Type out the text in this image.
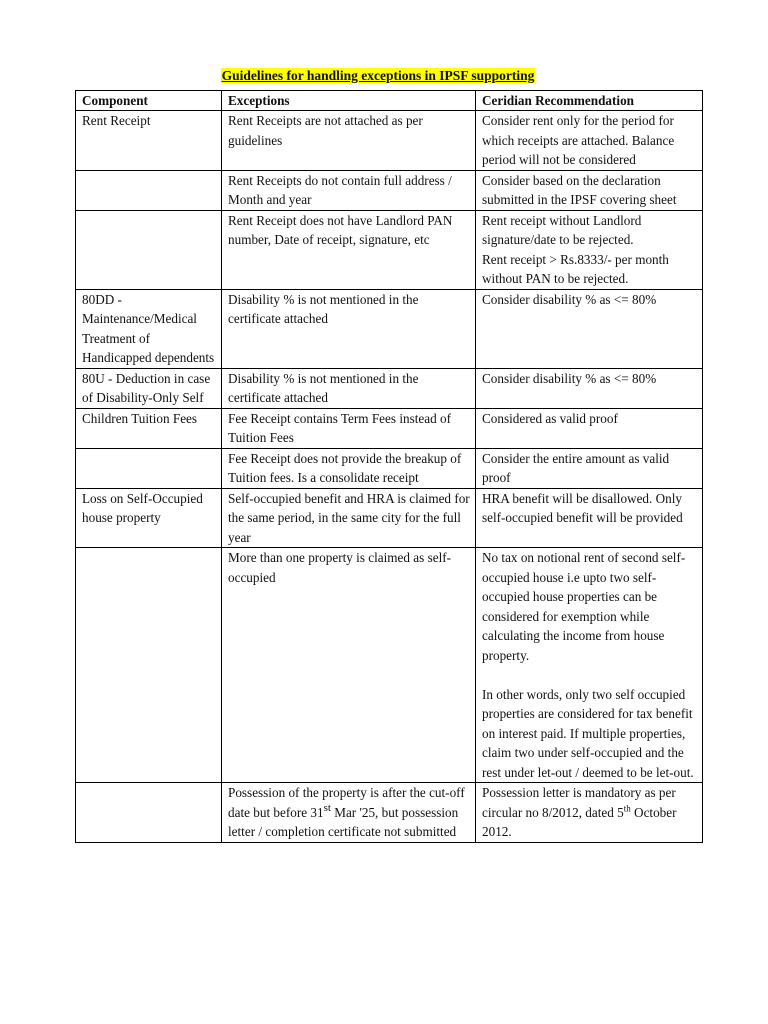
Guidelines for handling exceptions in IPSF supporting
Component	Exceptions	Ceridian Recommendation
Rent Receipt	Rent Receipts are not attached as per guidelines	Consider rent only for the period for which receipts are attached. Balance period will not be considered
	Rent Receipts do not contain full address / Month and year	Consider based on the declaration submitted in the IPSF covering sheet
	Rent Receipt does not have Landlord PAN number, Date of receipt, signature, etc	Rent receipt without Landlord signature/date to be rejected.
Rent receipt > Rs.8333/- per month without PAN to be rejected.

80DD - Maintenance/Medical Treatment of Handicapped dependents	Disability % is not mentioned in the certificate attached	Consider disability % as <= 80%
80U - Deduction in case of Disability-Only Self	Disability % is not mentioned in the certificate attached	Consider disability % as <= 80%
Children Tuition Fees	Fee Receipt contains Term Fees instead of Tuition Fees	Considered as valid proof
	Fee Receipt does not provide the breakup of Tuition fees. Is a consolidate receipt	Consider the entire amount as valid proof
Loss on Self-Occupied house property	Self-occupied benefit and HRA is claimed for the same period, in the same city for the full year	HRA benefit will be disallowed. Only self-occupied benefit will be provided
	More than one property is claimed as self-occupied	No tax on notional rent of second self-occupied house i.e upto two self-occupied house properties can be considered for exemption while calculating the income from house property.
In other words, only two self occupied properties are considered for tax benefit on interest paid. If multiple properties, claim two under self-occupied and the rest under let-out / deemed to be let-out.

	Possession of the property is after the cut-off date but before 31st Mar '25, but possession letter / completion certificate not submitted	Possession letter is mandatory as per circular no 8/2012, dated 5th October 2012.
